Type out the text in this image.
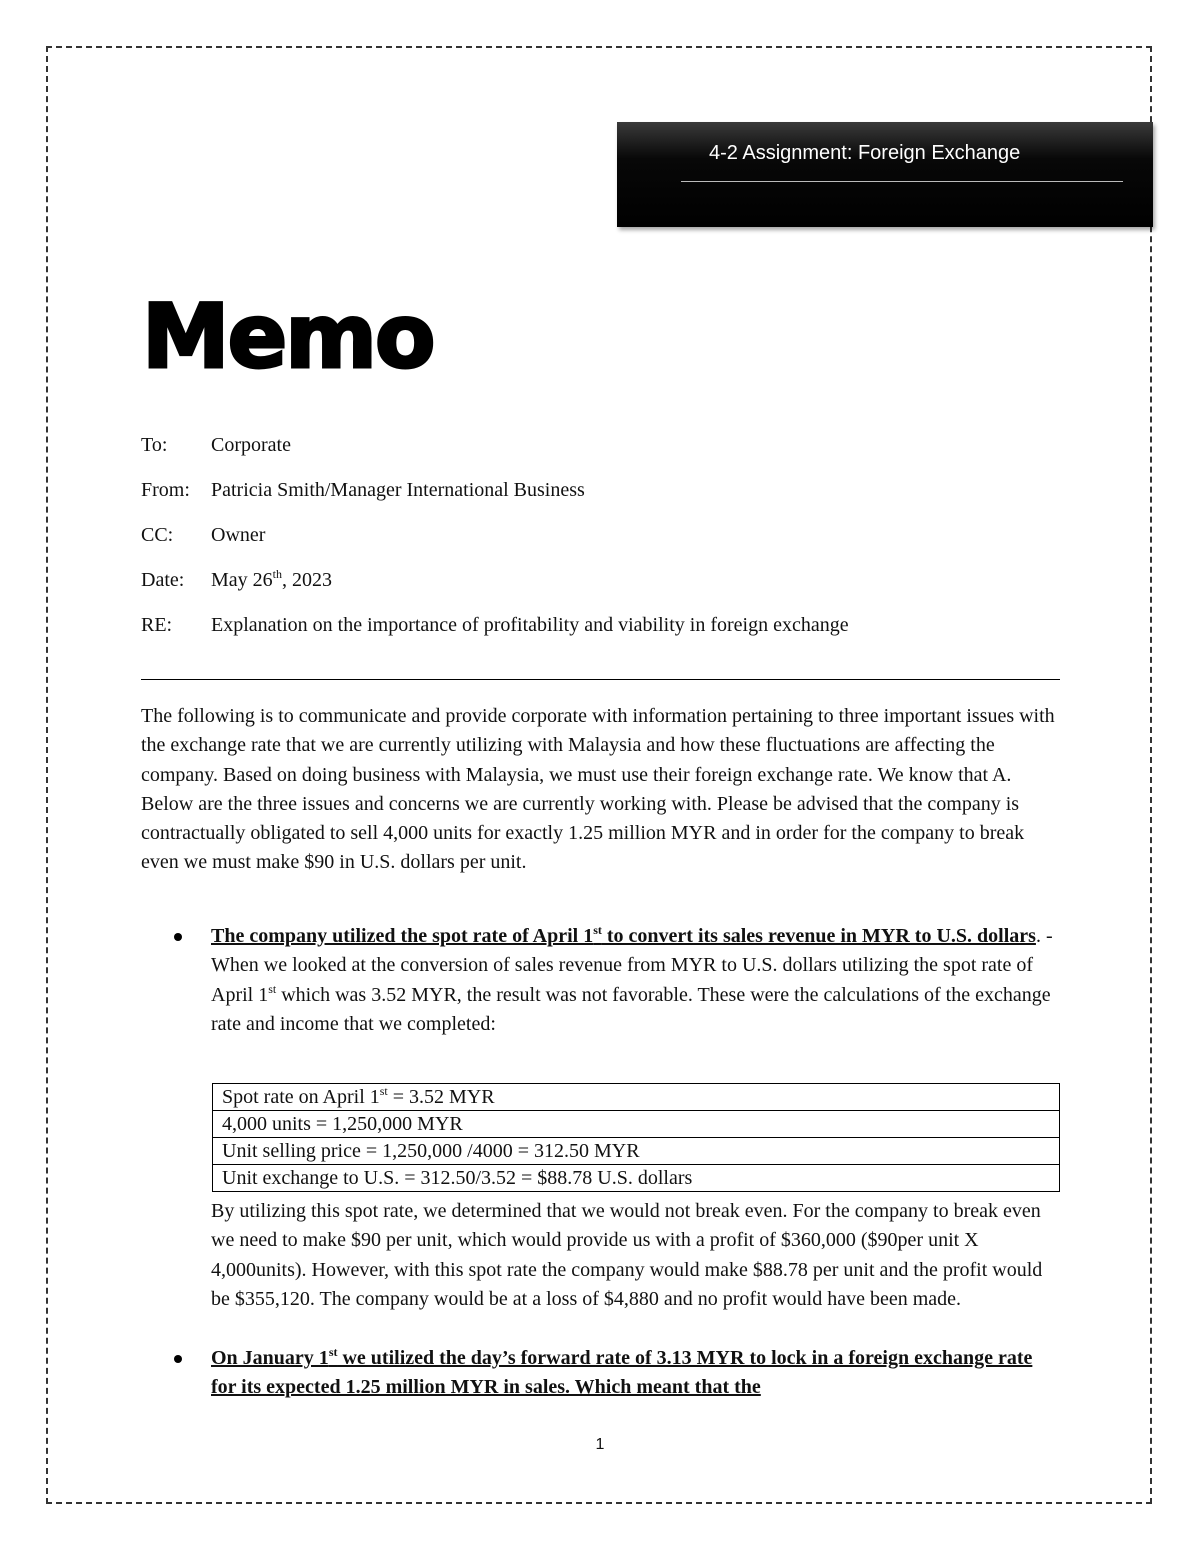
4-2 Assignment: Foreign Exchange
Memo
To: Corporate
From: Patricia Smith/Manager International Business
CC: Owner
Date: May 26th, 2023
RE: Explanation on the importance of profitability and viability in foreign exchange
The following is to communicate and provide corporate with information pertaining to three important issues with the exchange rate that we are currently utilizing with Malaysia and how these fluctuations are affecting the company. Based on doing business with Malaysia, we must use their foreign exchange rate. We know that A. Below are the three issues and concerns we are currently working with. Please be advised that the company is contractually obligated to sell 4,000 units for exactly 1.25 million MYR and in order for the company to break even we must make $90 in U.S. dollars per unit.
The company utilized the spot rate of April 1st to convert its sales revenue in MYR to U.S. dollars. - When we looked at the conversion of sales revenue from MYR to U.S. dollars utilizing the spot rate of April 1st which was 3.52 MYR, the result was not favorable. These were the calculations of the exchange rate and income that we completed:
Spot rate on April 1st = 3.52 MYR
4,000 units = 1,250,000 MYR
Unit selling price = 1,250,000 /4000 = 312.50 MYR
Unit exchange to U.S. = 312.50/3.52 = $88.78 U.S. dollars
By utilizing this spot rate, we determined that we would not break even. For the company to break even we need to make $90 per unit, which would provide us with a profit of $360,000 ($90per unit X 4,000units). However, with this spot rate the company would make $88.78 per unit and the profit would be $355,120. The company would be at a loss of $4,880 and no profit would have been made.
On January 1st we utilized the day’s forward rate of 3.13 MYR to lock in a foreign exchange rate for its expected 1.25 million MYR in sales. Which meant that the
1
